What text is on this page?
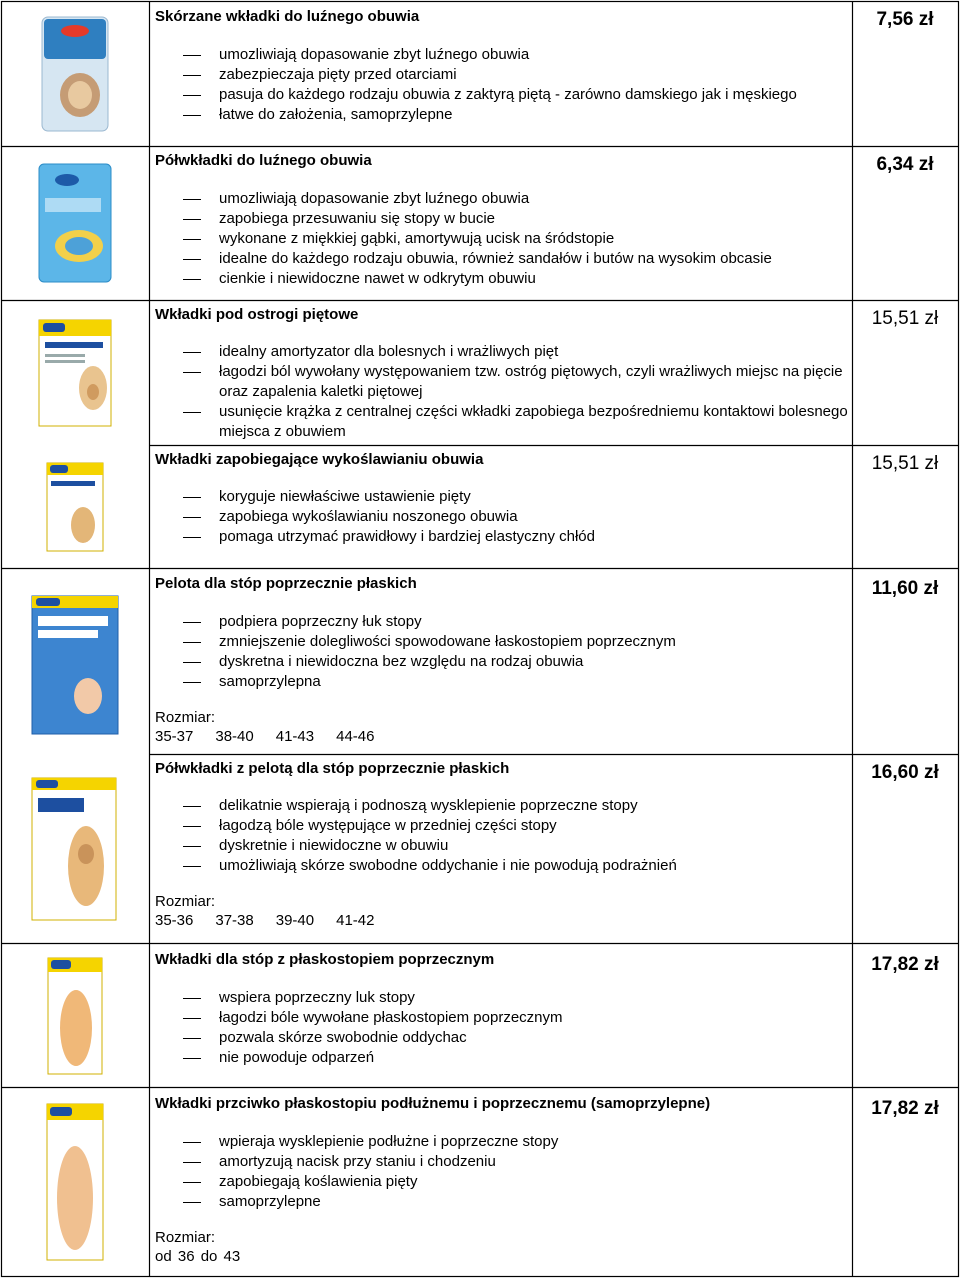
Skórzane wkładki do luźnego obuwia
umozliwiają dopasowanie zbyt luźnego obuwia
zabezpieczaja pięty przed otarciami
pasuja do każdego rodzaju obuwia z zaktyrą piętą - zarówno damskiego jak i męskiego
łatwe do założenia, samoprzylepne
7,56 zł
Półwkładki do luźnego obuwia
umozliwiają dopasowanie zbyt luźnego obuwia
zapobiega przesuwaniu się stopy w bucie
wykonane z miękkiej gąbki, amortywują ucisk na śródstopie
idealne do każdego rodzaju obuwia, również sandałów i butów na wysokim obcasie
cienkie i niewidoczne nawet w odkrytym obuwiu
6,34 zł
Wkładki pod ostrogi piętowe
idealny amortyzator dla bolesnych i wrażliwych pięt
łagodzi ból wywołany występowaniem tzw. ostróg piętowych, czyli wrażliwych miejsc na pięcie oraz zapalenia kaletki piętowej
usunięcie krążka z centralnej części wkładki zapobiega bezpośredniemu kontaktowi bolesnego miejsca z obuwiem
15,51 zł
Wkładki zapobiegające wykoślawianiu obuwia
koryguje niewłaściwe ustawienie pięty
zapobiega wykoślawianiu noszonego obuwia
pomaga utrzymać prawidłowy i bardziej elastyczny chłód
15,51 zł
Pelota dla stóp poprzecznie płaskich
podpiera poprzeczny łuk stopy
zmniejszenie dolegliwości spowodowane łaskostopiem poprzecznym
dyskretna i niewidoczna bez względu na rodzaj obuwia
samoprzylepna
Rozmiar:
35-37 38-40 41-43 44-46
11,60 zł
Półwkładki z pelotą dla stóp poprzecznie płaskich
delikatnie wspierają i podnoszą wysklepienie poprzeczne stopy
łagodzą bóle występujące w przedniej części stopy
dyskretnie i niewidoczne w obuwiu
umożliwiają skórze swobodne oddychanie i nie powodują podrażnień
Rozmiar:
35-36 37-38 39-40 41-42
16,60 zł
Wkładki dla stóp z płaskostopiem poprzecznym
wspiera poprzeczny luk stopy
łagodzi bóle wywołane płaskostopiem poprzecznym
pozwala skórze swobodnie oddychac
nie powoduje odparzeń
17,82 zł
Wkładki przciwko płaskostopiu podłużnemu i poprzecznemu (samoprzylepne)
wpieraja wysklepienie podłużne i poprzeczne stopy
amortyzują nacisk przy staniu i chodzeniu
zapobiegają koślawienia pięty
samoprzylepne
Rozmiar:
od 36 do 43
17,82 zł
